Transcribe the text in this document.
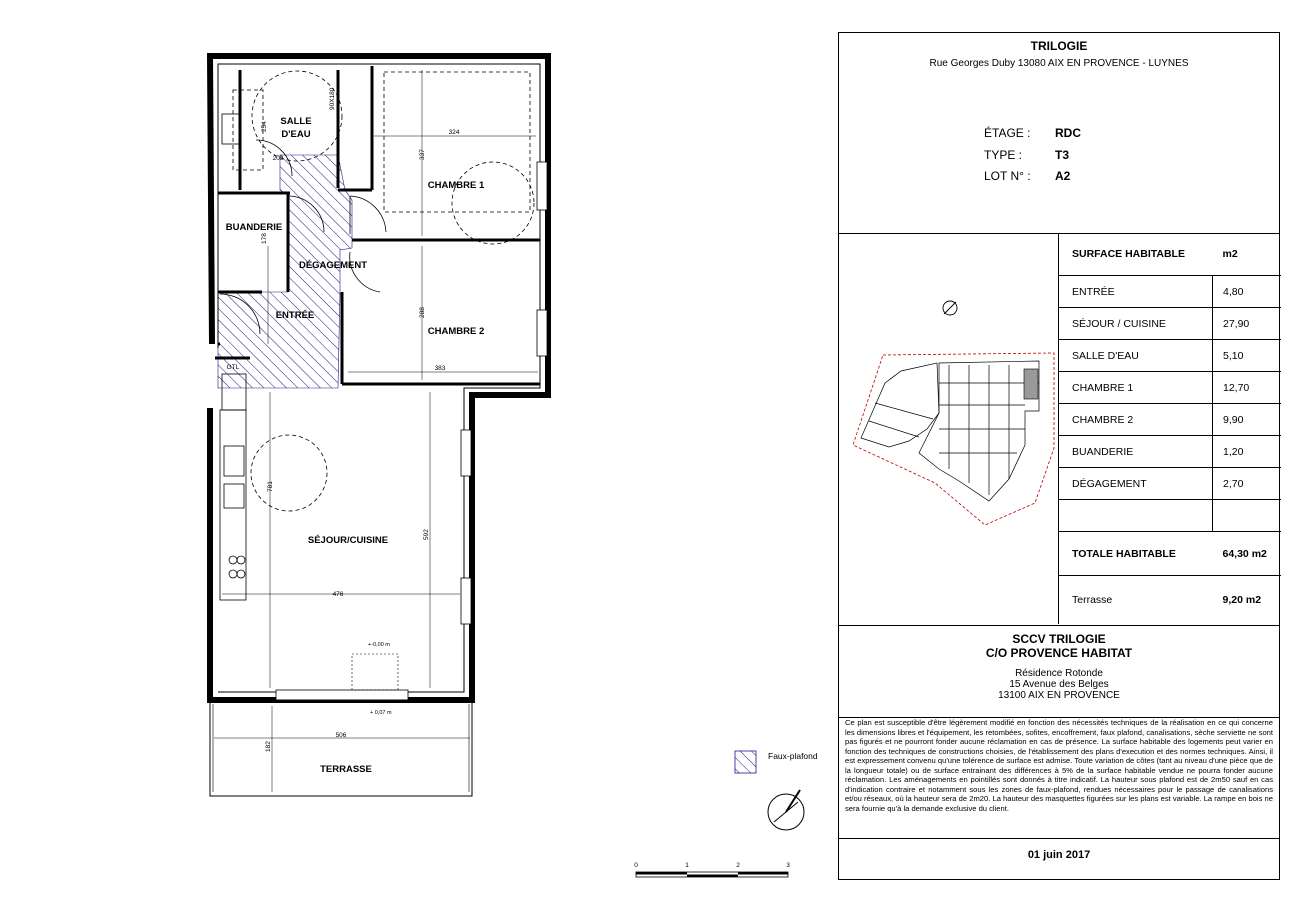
SALLE
D'EAU
CHAMBRE 1
BUANDERIE
DÉGAGEMENT
ENTRÉE
CHAMBRE 2
GTL
SÉJOUR/CUISINE
TERRASSE
324
337
254
203
90X180
178
288
383
781
592
476
506
182
+-0,00 m
+ 0,07 m
Faux-plafond
0	1	2	3
TRILOGIE
Rue Georges Duby 13080 AIX EN PROVENCE - LUYNES
ÉTAGE : RDC
TYPE :	T3
LOT N° : A2
SURFACE HABITABLE	m2
ENTRÉE	4,80
SÉJOUR / CUISINE	27,90
SALLE D'EAU	5,10
CHAMBRE 1	12,70
CHAMBRE 2	9,90
BUANDERIE	1,20
DÉGAGEMENT	2,70

TOTALE HABITABLE	64,30 m2
Terrasse	9,20 m2
SCCV TRILOGIE
C/O PROVENCE HABITAT
Résidence Rotonde
15 Avenue des Belges
13100 AIX EN PROVENCE
Ce plan est susceptible d'être légèrement modifié en fonction des nécessités techniques de la réalisation en ce qui concerne les dimensions libres et l'équipement, les retombées, sofites, encoffrement, faux plafond, canalisations, sèche serviette ne sont pas figurés et ne pourront fonder aucune réclamation en cas de présence. La surface habitable des logements peut varier en fonction des techniques de constructions choisies, de l'établissement des plans d'execution et des normes techniques. Ainsi, il est expressement convenu qu'une tolérence de surface est admise. Toute variation de côtes (tant au niveau d'une pièce que de la longueur totale) ou de surface entrainant des différences à 5% de la surface habitable vendue ne pourra fonder aucune réclamation. Les aménagements en pointillés sont donnés à titre indicatif. La hauteur sous plafond est de 2m50 sauf en cas d'indication contraire et notamment sous les zones de faux-plafond, rendues nécessaires pour le passage de canalisations et/ou réseaux, où la hauteur sera de 2m20. La hauteur des masquettes figurées sur les plans est variable. La rampe en bois ne sera fournie qu'à la demande exclusive du client.
01 juin 2017
